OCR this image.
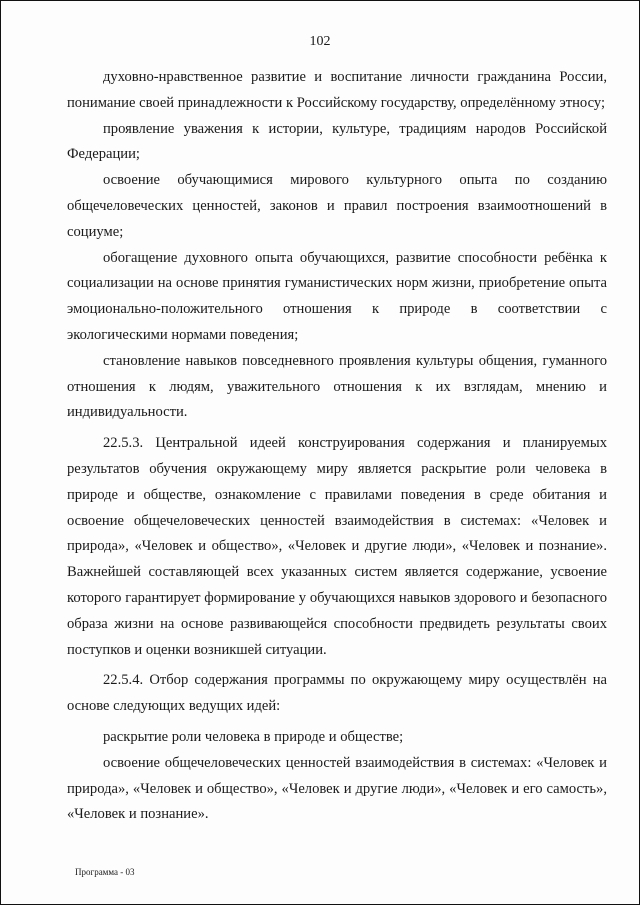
102

духовно-нравственное развитие и воспитание личности гражданина России, понимание своей принадлежности к Российскому государству, определённому этносу;

проявление уважения к истории, культуре, традициям народов Российской Федерации;

освоение обучающимися мирового культурного опыта по созданию общечеловеческих ценностей, законов и правил построения взаимоотношений в социуме;

обогащение духовного опыта обучающихся, развитие способности ребёнка к социализации на основе принятия гуманистических норм жизни, приобретение опыта эмоционально-положительного отношения к природе в соответствии с экологическими нормами поведения;

становление навыков повседневного проявления культуры общения, гуманного отношения к людям, уважительного отношения к их взглядам, мнению и индивидуальности.

22.5.3. Центральной идеей конструирования содержания и планируемых результатов обучения окружающему миру является раскрытие роли человека в природе и обществе, ознакомление с правилами поведения в среде обитания и освоение общечеловеческих ценностей взаимодействия в системах: «Человек и природа», «Человек и общество», «Человек и другие люди», «Человек и познание». Важнейшей составляющей всех указанных систем является содержание, усвоение которого гарантирует формирование у обучающихся навыков здорового и безопасного образа жизни на основе развивающейся способности предвидеть результаты своих поступков и оценки возникшей ситуации.

22.5.4. Отбор содержания программы по окружающему миру осуществлён на основе следующих ведущих идей:

раскрытие роли человека в природе и обществе;

освоение общечеловеческих ценностей взаимодействия в системах: «Человек и природа», «Человек и общество», «Человек и другие люди», «Человек и его самость», «Человек и познание».

Программа - 03
